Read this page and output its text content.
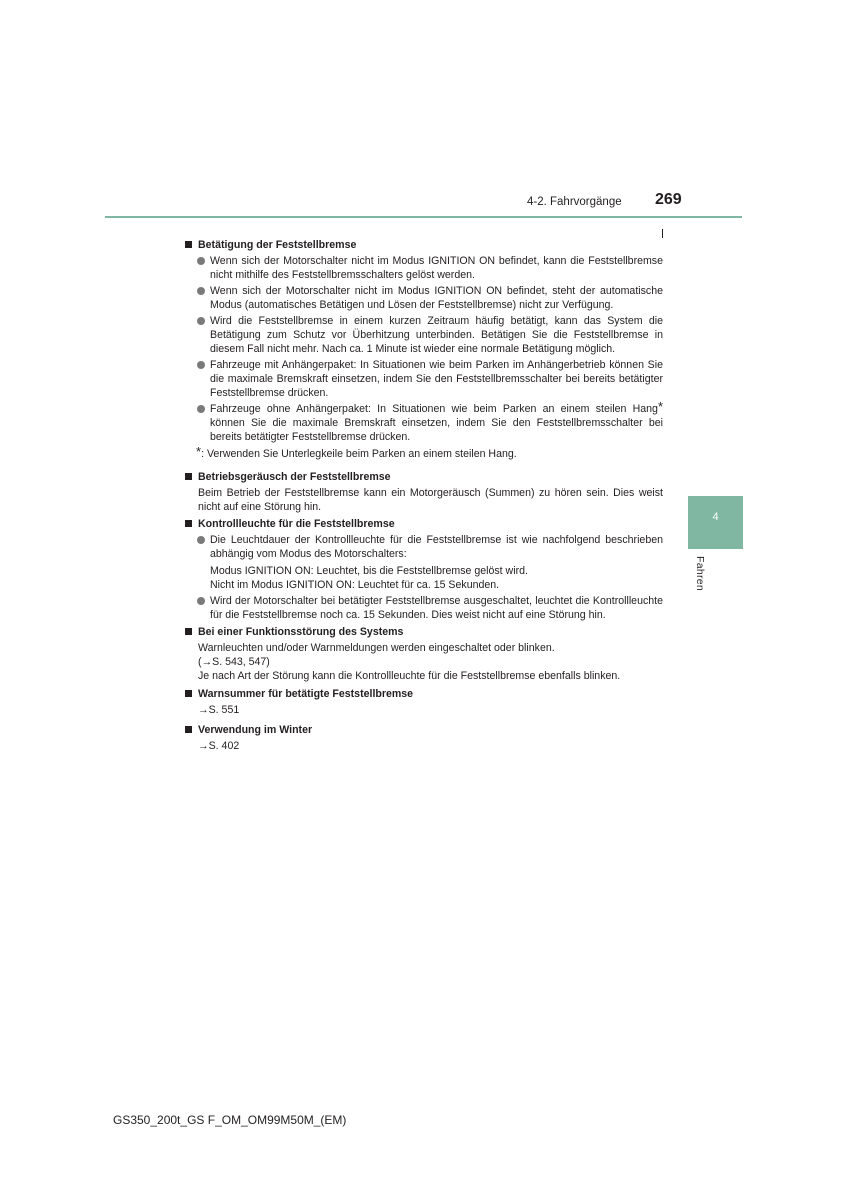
4-2. Fahrvorgänge 269
4
Fahren
Betätigung der Feststellbremse
Wenn sich der Motorschalter nicht im Modus IGNITION ON befindet, kann die Feststellbremse nicht mithilfe des Feststellbremsschalters gelöst werden.
Wenn sich der Motorschalter nicht im Modus IGNITION ON befindet, steht der automatische Modus (automatisches Betätigen und Lösen der Feststellbremse) nicht zur Verfügung.
Wird die Feststellbremse in einem kurzen Zeitraum häufig betätigt, kann das System die Betätigung zum Schutz vor Überhitzung unterbinden. Betätigen Sie die Feststellbremse in diesem Fall nicht mehr. Nach ca. 1 Minute ist wieder eine normale Betätigung möglich.
Fahrzeuge mit Anhängerpaket: In Situationen wie beim Parken im Anhängerbetrieb können Sie die maximale Bremskraft einsetzen, indem Sie den Feststellbremsschalter bei bereits betätigter Feststellbremse drücken.
Fahrzeuge ohne Anhängerpaket: In Situationen wie beim Parken an einem steilen Hang* können Sie die maximale Bremskraft einsetzen, indem Sie den Feststellbremsschalter bei bereits betätigter Feststellbremse drücken.
*: Verwenden Sie Unterlegkeile beim Parken an einem steilen Hang.
Betriebsgeräusch der Feststellbremse
Beim Betrieb der Feststellbremse kann ein Motorgeräusch (Summen) zu hören sein. Dies weist nicht auf eine Störung hin.
Kontrollleuchte für die Feststellbremse
Die Leuchtdauer der Kontrollleuchte für die Feststellbremse ist wie nachfolgend beschrieben abhängig vom Modus des Motorschalters:
Modus IGNITION ON: Leuchtet, bis die Feststellbremse gelöst wird.
Nicht im Modus IGNITION ON: Leuchtet für ca. 15 Sekunden.
Wird der Motorschalter bei betätigter Feststellbremse ausgeschaltet, leuchtet die Kontrollleuchte für die Feststellbremse noch ca. 15 Sekunden. Dies weist nicht auf eine Störung hin.
Bei einer Funktionsstörung des Systems
Warnleuchten und/oder Warnmeldungen werden eingeschaltet oder blinken.
(→S. 543, 547)
Je nach Art der Störung kann die Kontrollleuchte für die Feststellbremse ebenfalls blinken.
Warnsummer für betätigte Feststellbremse
→S. 551
Verwendung im Winter
→S. 402
GS350_200t_GS F_OM_OM99M50M_(EM)
